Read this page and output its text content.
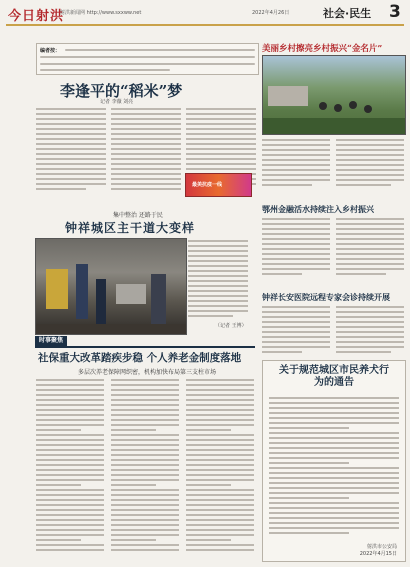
今日射洪
射洪新闻网 http://www.sxxww.net	2022年4月26日	社会·民生 3
编者按：
李逢平的“稻米”梦
记者 李薇 刘亮
最美抗疫一线
集中整治 还路于民
钟祥城区主干道大变样
（记者 王博）
时事聚焦
社保重大改革踏疾步稳 个人养老金制度落地
多层次养老保障网织密，机构加快布局第三支柱市场
美丽乡村擦亮乡村振兴“金名片”
鄂州金融活水持续注入乡村振兴
钟祥长安医院远程专家会诊持续开展
关于规范城区市民养犬行为的通告
射洪市公安局
2022年4月15日
